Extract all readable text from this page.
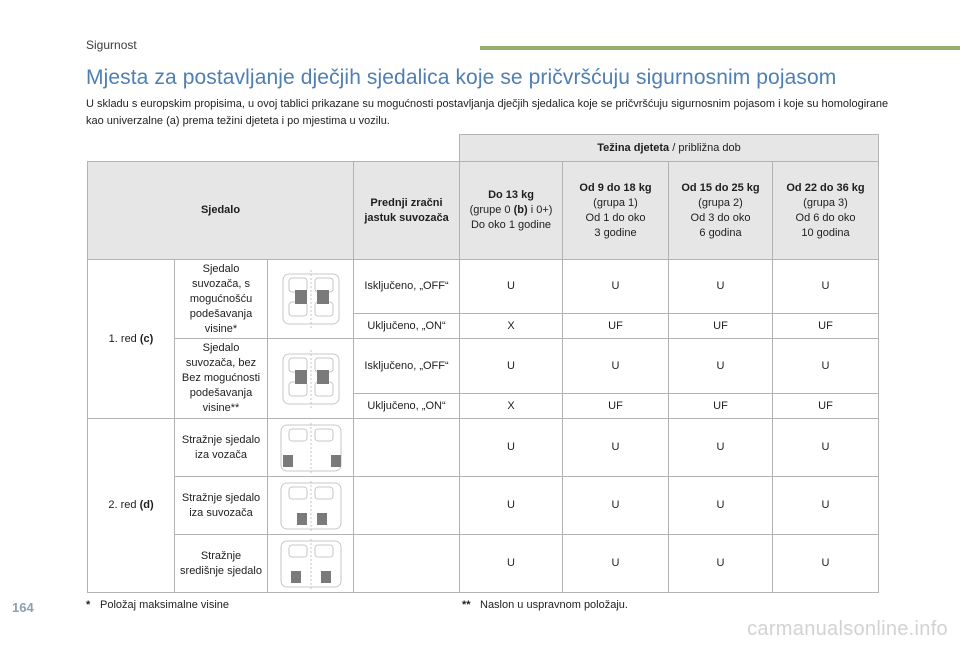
Sigurnost
Mjesta za postavljanje dječjih sjedalica koje se pričvršćuju sigurnosnim pojasom
U skladu s europskim propisima, u ovoj tablici prikazane su mogućnosti postavljanja dječjih sjedalica koje se pričvršćuju sigurnosnim pojasom i koje su homologirane kao univerzalne (a) prema težini djeteta i po mjestima u vozilu.
				Težina djeteta / približna dob			
Sjedalo			Prednji zračni jastuk suvozača	Do 13 kg
(grupe 0 (b) i 0+)
Do oko 1 godine	Od 9 do 18 kg
(grupa 1)
Od 1 do oko
3 godine	Od 15 do 25 kg
(grupa 2)
Od 3 do oko
6 godina	Od 22 do 36 kg
(grupa 3)
Od 6 do oko
10 godina
1. red (c)	Sjedalo suvozača, s mogućnošću podešavanja visine*		Isključeno, „OFF“	U	U	U	U
			Uključeno, „ON“	X	UF	UF	UF
	Sjedalo suvozača, bez Bez mogućnosti podešavanja visine**		Isključeno, „OFF“	U	U	U	U
			Uključeno, „ON“	X	UF	UF	UF
2. red (d)	Stražnje sjedalo iza vozača			U	U	U	U
	Stražnje sjedalo iza suvozača			U	U	U	U
	Stražnje središnje sjedalo			U	U	U	U
164	* Položaj maksimalne visine	** Naslon u uspravnom položaju.
carmanualsonline.info
